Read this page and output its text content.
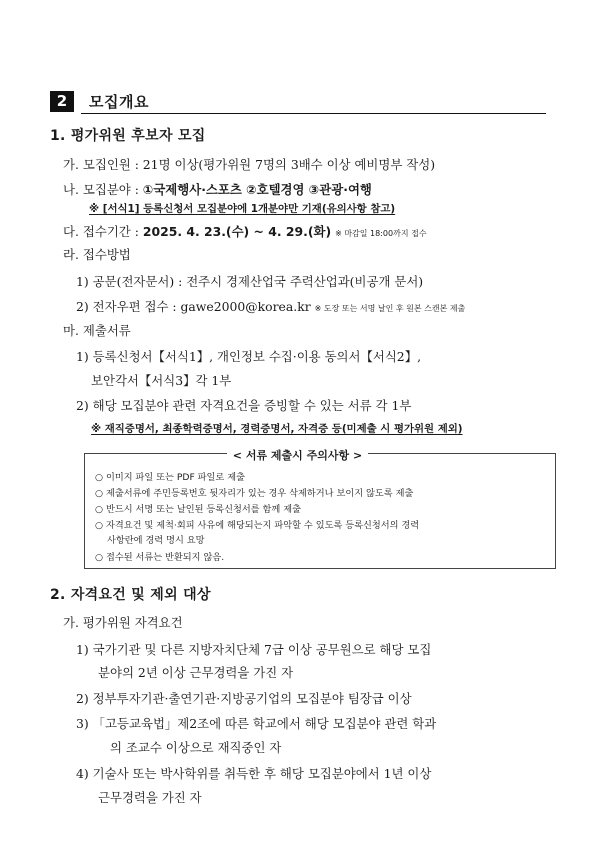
2	모집개요
1. 평가위원 후보자 모집
가. 모집인원 : 21명 이상(평가위원 7명의 3배수 이상 예비명부 작성)
나. 모집분야 : ①국제행사·스포츠 ②호텔경영 ③관광·여행
※ [서식1] 등록신청서 모집분야에 1개분야만 기재(유의사항 참고)
다. 접수기간 : 2025. 4. 23.(수) ~ 4. 29.(화) ※ 마감일 18:00까지 접수
라. 접수방법
1) 공문(전자문서) : 전주시 경제산업국 주력산업과(비공개 문서)
2) 전자우편 접수 : gawe2000@korea.kr ※ 도장 또는 서명 날인 후 원본 스캔본 제출
마. 제출서류
1) 등록신청서【서식1】, 개인정보 수집·이용 동의서【서식2】,
보안각서【서식3】각 1부
2) 해당 모집분야 관련 자격요건을 증빙할 수 있는 서류 각 1부
※ 재직증명서, 최종학력증명서, 경력증명서, 자격증 등(미제출 시 평가위원 제외)
< 서류 제출시 주의사항 >
○ 이미지 파일 또는 PDF 파일로 제출
○ 제출서류에 주민등록번호 뒷자리가 있는 경우 삭제하거나 보이지 않도록 제출
○ 반드시 서명 또는 날인된 등록신청서를 함께 제출
○ 자격요건 및 제척·회피 사유에 해당되는지 파악할 수 있도록 등록신청서의 경력
사항란에 경력 명시 요망
○ 접수된 서류는 반환되지 않음.
2. 자격요건 및 제외 대상
가. 평가위원 자격요건
1) 국가기관 및 다른 지방자치단체 7급 이상 공무원으로 해당 모집
분야의 2년 이상 근무경력을 가진 자
2) 정부투자기관·출연기관·지방공기업의 모집분야 팀장급 이상
3) 「고등교육법」제2조에 따른 학교에서 해당 모집분야 관련 학과
의 조교수 이상으로 재직중인 자
4) 기술사 또는 박사학위를 취득한 후 해당 모집분야에서 1년 이상
근무경력을 가진 자
